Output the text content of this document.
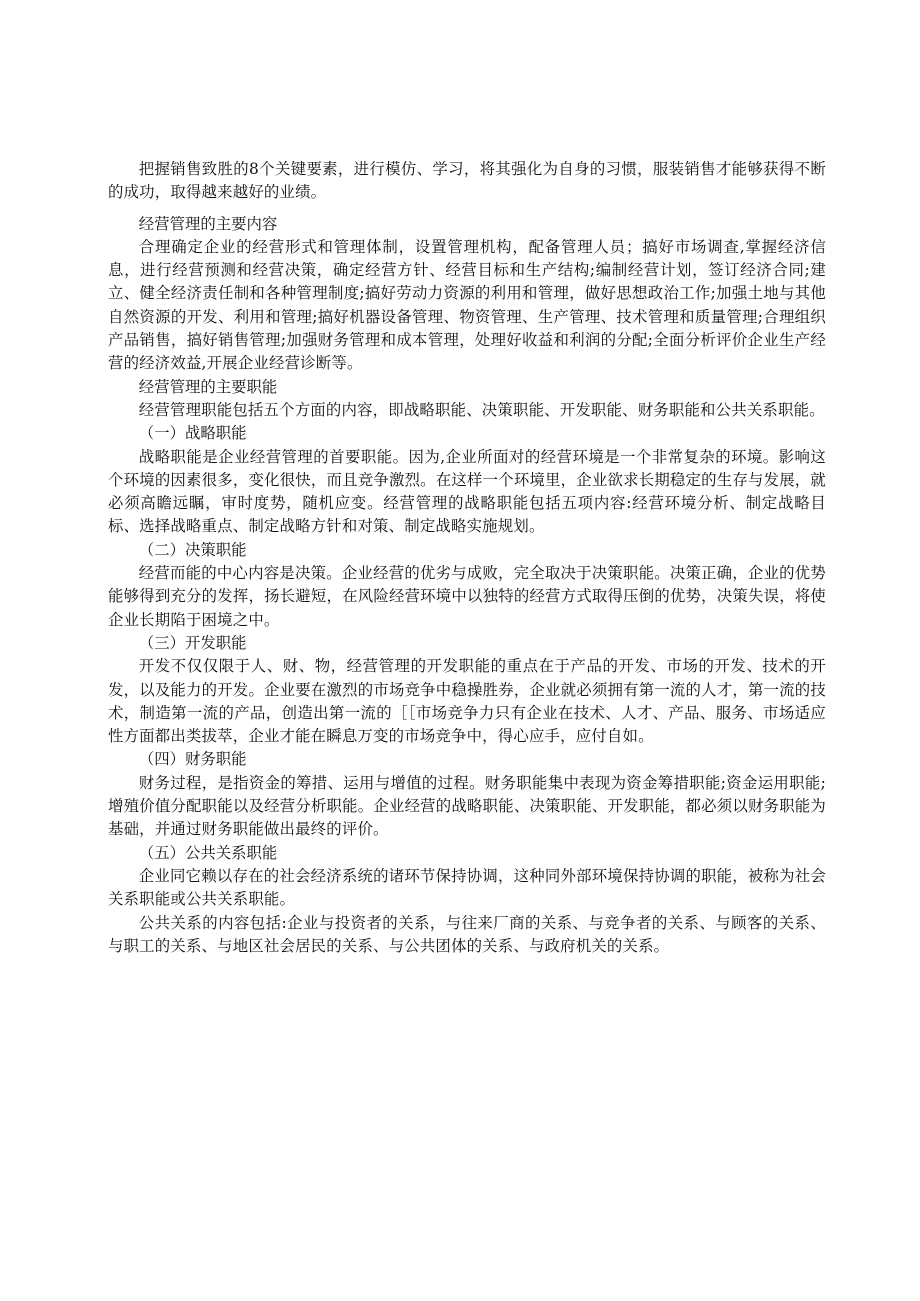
把握销售致胜的8个关键要素，进行模仿、学习，将其强化为自身的习惯，服装销售才能够获得不断的成功，取得越来越好的业绩。

经营管理的主要内容

合理确定企业的经营形式和管理体制，设置管理机构，配备管理人员；搞好市场调查,掌握经济信息，进行经营预测和经营决策，确定经营方针、经营目标和生产结构;编制经营计划，签订经济合同;建立、健全经济责任制和各种管理制度;搞好劳动力资源的利用和管理，做好思想政治工作;加强土地与其他自然资源的开发、利用和管理;搞好机器设备管理、物资管理、生产管理、技术管理和质量管理;合理组织产品销售，搞好销售管理;加强财务管理和成本管理，处理好收益和利润的分配;全面分析评价企业生产经营的经济效益,开展企业经营诊断等。

经营管理的主要职能

经营管理职能包括五个方面的内容，即战略职能、决策职能、开发职能、财务职能和公共关系职能。

（一）战略职能

战略职能是企业经营管理的首要职能。因为,企业所面对的经营环境是一个非常复杂的环境。影响这个环境的因素很多，变化很快，而且竞争激烈。在这样一个环境里，企业欲求长期稳定的生存与发展，就必须高瞻远瞩，审时度势，随机应变。经营管理的战略职能包括五项内容:经营环境分析、制定战略目标、选择战略重点、制定战略方针和对策、制定战略实施规划。

（二）决策职能

经营而能的中心内容是决策。企业经营的优劣与成败，完全取决于决策职能。决策正确，企业的优势能够得到充分的发挥，扬长避短，在风险经营环境中以独特的经营方式取得压倒的优势，决策失误，将使企业长期陷于困境之中。

（三）开发职能

开发不仅仅限于人、财、物，经营管理的开发职能的重点在于产品的开发、市场的开发、技术的开发，以及能力的开发。企业要在激烈的市场竞争中稳操胜券，企业就必须拥有第一流的人才，第一流的技术，制造第一流的产品，创造出第一流的［［市场竞争力只有企业在技术、人才、产品、服务、市场适应性方面都出类拔萃，企业才能在瞬息万变的市场竞争中，得心应手，应付自如。

（四）财务职能

财务过程，是指资金的筹措、运用与增值的过程。财务职能集中表现为资金筹措职能;资金运用职能;增殖价值分配职能以及经营分析职能。企业经营的战略职能、决策职能、开发职能，都必须以财务职能为基础，并通过财务职能做出最终的评价。

（五）公共关系职能

企业同它赖以存在的社会经济系统的诸环节保持协调，这种同外部环境保持协调的职能，被称为社会关系职能或公共关系职能。

公共关系的内容包括:企业与投资者的关系，与往来厂商的关系、与竞争者的关系、与顾客的关系、与职工的关系、与地区社会居民的关系、与公共团体的关系、与政府机关的关系。
